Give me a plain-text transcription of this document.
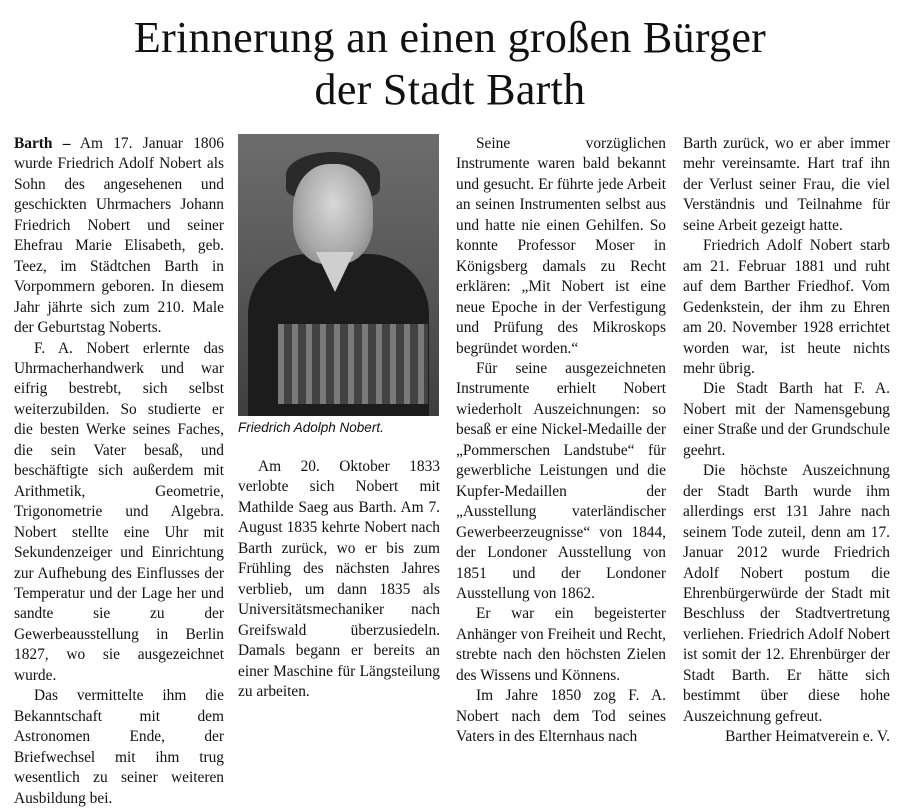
Erinnerung an einen großen Bürger
der Stadt Barth

Barth – Am 17. Januar 1806 wurde Friedrich Adolf Nobert als Sohn des angesehenen und geschickten Uhrmachers Johann Friedrich Nobert und seiner Ehefrau Marie Elisabeth, geb. Teez, im Städtchen Barth in Vorpommern geboren. In diesem Jahr jährte sich zum 210. Male der Geburtstag Noberts.

F. A. Nobert erlernte das Uhrmacherhandwerk und war eifrig bestrebt, sich selbst weiterzubilden. So studierte er die besten Werke seines Faches, die sein Vater besaß, und beschäftigte sich außerdem mit Arithmetik, Geometrie, Trigonometrie und Algebra. Nobert stellte eine Uhr mit Sekundenzeiger und Einrichtung zur Aufhebung des Einflusses der Temperatur und der Lage her und sandte sie zu der Gewerbeausstellung in Berlin 1827, wo sie ausgezeichnet wurde.

Das vermittelte ihm die Bekanntschaft mit dem Astronomen Ende, der Briefwechsel mit ihm trug wesentlich zu seiner weiteren Ausbildung bei.

Friedrich Adolph Nobert.

Am 20. Oktober 1833 verlobte sich Nobert mit Mathilde Saeg aus Barth. Am 7. August 1835 kehrte Nobert nach Barth zurück, wo er bis zum Frühling des nächsten Jahres verblieb, um dann 1835 als Universitätsmechaniker nach Greifswald überzusiedeln. Damals begann er bereits an einer Maschine für Längsteilung zu arbeiten.

Seine vorzüglichen Instrumente waren bald bekannt und gesucht. Er führte jede Arbeit an seinen Instrumenten selbst aus und hatte nie einen Gehilfen. So konnte Professor Moser in Königsberg damals zu Recht erklären: „Mit Nobert ist eine neue Epoche in der Verfestigung und Prüfung des Mikroskops begründet worden.“

Für seine ausgezeichneten Instrumente erhielt Nobert wiederholt Auszeichnungen: so besaß er eine Nickel-Medaille der „Pommerschen Landstube“ für gewerbliche Leistungen und die Kupfer-Medaillen der „Ausstellung vaterländischer Gewerbeerzeugnisse“ von 1844, der Londoner Ausstellung von 1851 und der Londoner Ausstellung von 1862.

Er war ein begeisterter Anhänger von Freiheit und Recht, strebte nach den höchsten Zielen des Wissens und Könnens.

Im Jahre 1850 zog F. A. Nobert nach dem Tod seines Vaters in des Elternhaus nach

Barth zurück, wo er aber immer mehr vereinsamte. Hart traf ihn der Verlust seiner Frau, die viel Verständnis und Teilnahme für seine Arbeit gezeigt hatte.

Friedrich Adolf Nobert starb am 21. Februar 1881 und ruht auf dem Barther Friedhof. Vom Gedenkstein, der ihm zu Ehren am 20. November 1928 errichtet worden war, ist heute nichts mehr übrig.

Die Stadt Barth hat F. A. Nobert mit der Namensgebung einer Straße und der Grundschule geehrt.

Die höchste Auszeichnung der Stadt Barth wurde ihm allerdings erst 131 Jahre nach seinem Tode zuteil, denn am 17. Januar 2012 wurde Friedrich Adolf Nobert postum die Ehrenbürgerwürde der Stadt mit Beschluss der Stadtvertretung verliehen. Friedrich Adolf Nobert ist somit der 12. Ehrenbürger der Stadt Barth. Er hätte sich bestimmt über diese hohe Auszeichnung gefreut.

Barther Heimatverein e. V.
